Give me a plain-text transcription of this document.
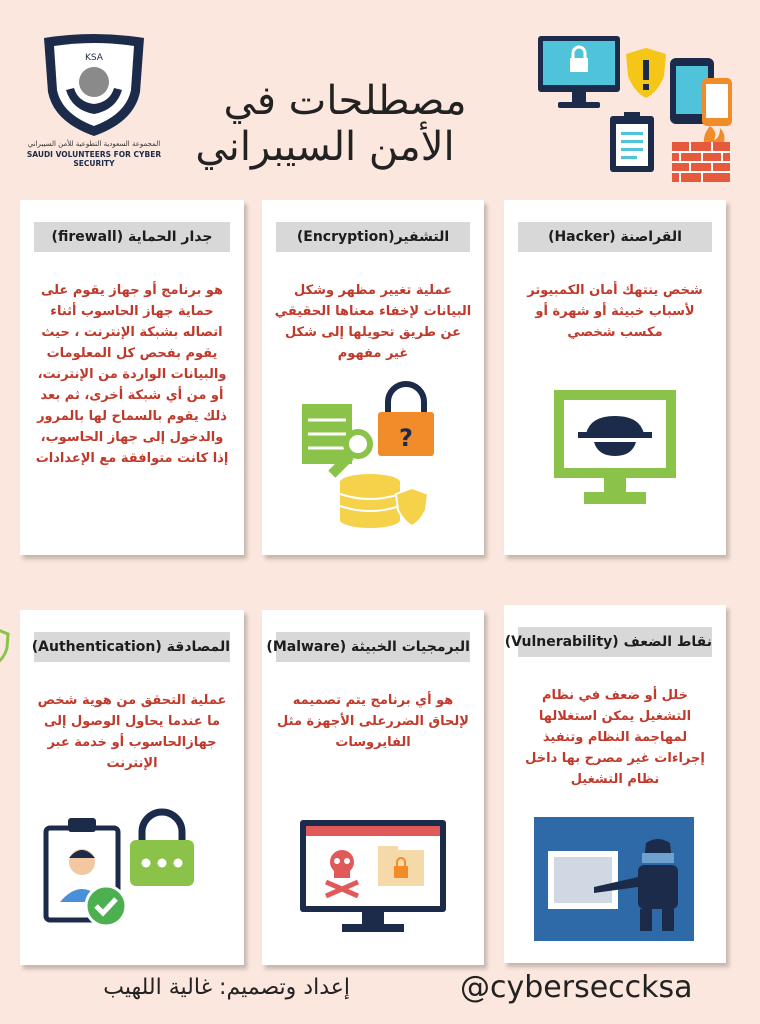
KSA
المجموعة السعودية التطوعية للأمن السيبراني
SAUDI VOLUNTEERS FOR CYBER SECURITY
مصطلحات في

الأمن السيبراني
جدار الحماية (firewall)
هو برنامج أو جهاز يقوم على حماية جهاز الحاسوب أثناء اتصاله بشبكة الإنترنت ، حيث يقوم بفحص كل المعلومات والبيانات الواردة من الإنترنت، أو من أي شبكة أخرى، ثم بعد ذلك يقوم بالسماح لها بالمرور والدخول إلى جهاز الحاسوب، إذا كانت متوافقة مع الإعدادات
التشفير(Encryption)
عملية تغيير مظهر وشكل البيانات لإخفاء معناها الحقيقي عن طريق تحويلها إلى شكل غير مفهوم
?
القراصنة (Hacker)
شخص ينتهك أمان الكمبيوتر لأسباب خبيثة أو شهرة أو مكسب شخصي
المصادقة (Authentication)
عملية التحقق من هوية شخص ما عندما يحاول الوصول إلى جهازالحاسوب أو خدمة عبر الإنترنت
البرمجيات الخبيثة (Malware)
هو أي برنامج يتم تصميمه لإلحاق الضررعلى الأجهزة مثل الفايروسات
نقاط الضعف (Vulnerability)
خلل أو ضعف في نظام التشغيل يمكن استغلالها لمهاجمة النظام وتنفيذ إجراءات غير مصرح بها داخل نظام التشغيل
إعداد وتصميم: غالية اللهيب	@cyberseccksa
